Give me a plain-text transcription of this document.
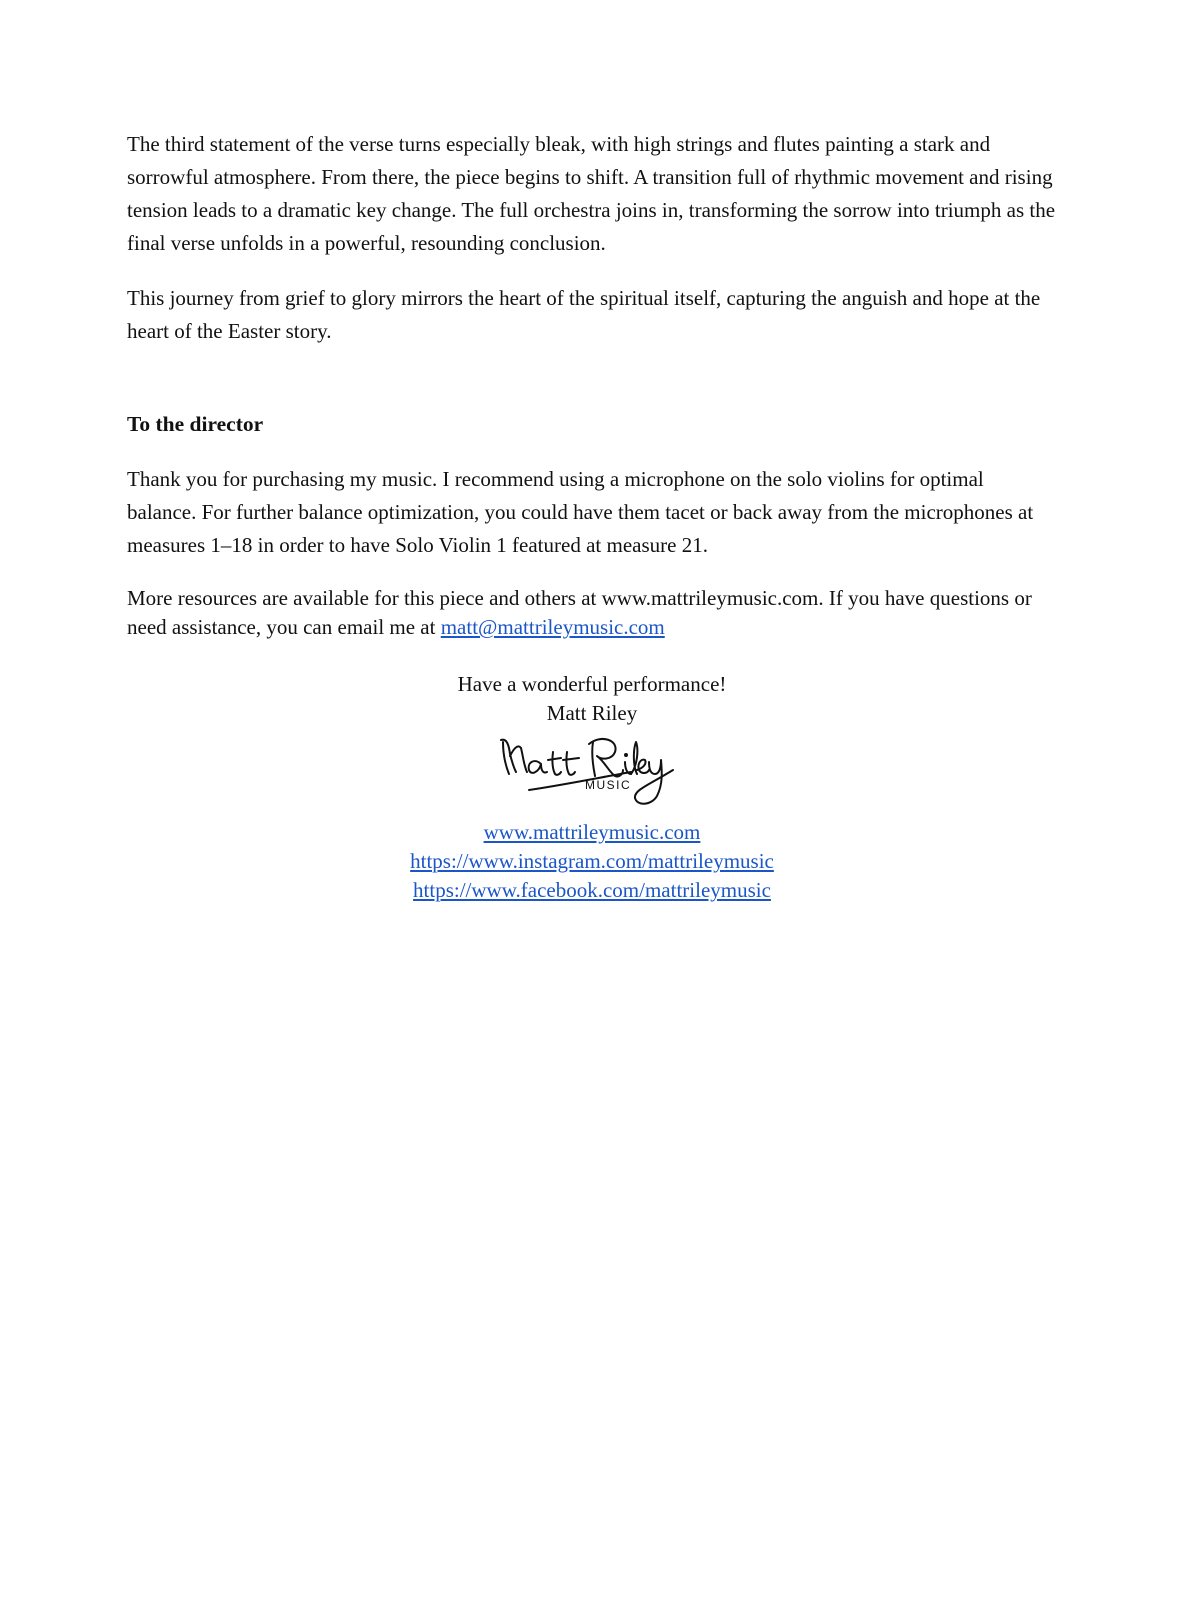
The third statement of the verse turns especially bleak, with high strings and flutes painting a stark and sorrowful atmosphere. From there, the piece begins to shift. A transition full of rhythmic movement and rising tension leads to a dramatic key change. The full orchestra joins in, transforming the sorrow into triumph as the final verse unfolds in a powerful, resounding conclusion.

This journey from grief to glory mirrors the heart of the spiritual itself, capturing the anguish and hope at the heart of the Easter story.

To the director

Thank you for purchasing my music. I recommend using a microphone on the solo violins for optimal balance. For further balance optimization, you could have them tacet or back away from the microphones at measures 1–18 in order to have Solo Violin 1 featured at measure 21.

More resources are available for this piece and others at www.mattrileymusic.com. If you have questions or need assistance, you can email me at matt@mattrileymusic.com

Have a wonderful performance!

Matt Riley

MUSIC
www.mattrileymusic.com
https://www.instagram.com/mattrileymusic
https://www.facebook.com/mattrileymusic
